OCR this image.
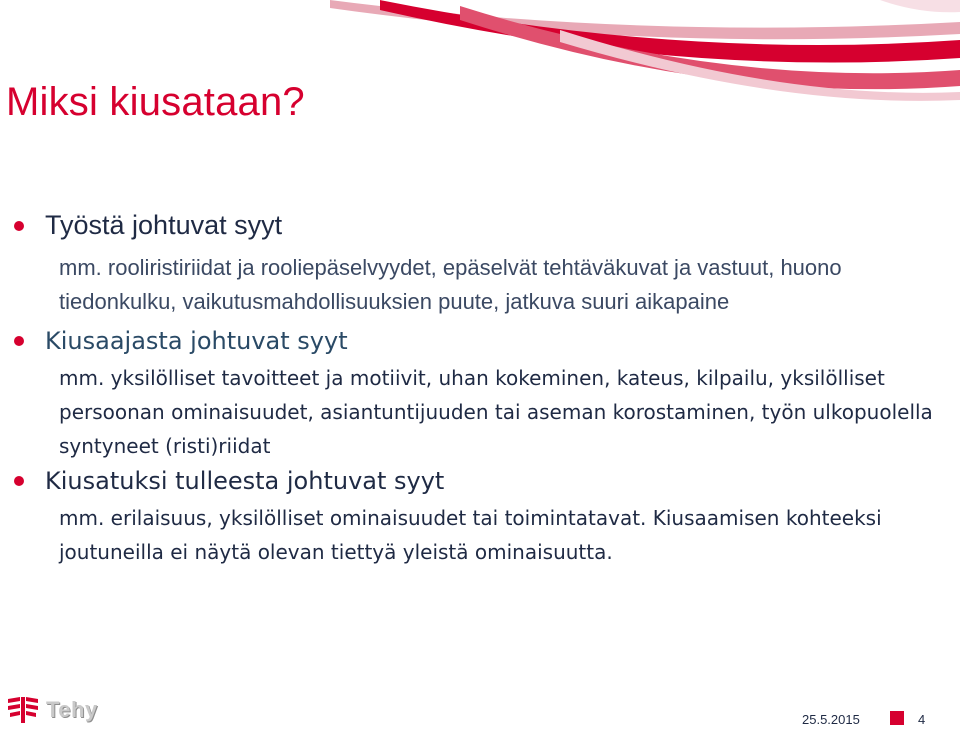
Miksi kiusataan?
Työstä johtuvat syyt
mm. rooliristiriidat ja rooliepäselvyydet, epäselvät tehtäväkuvat ja vastuut, huono tiedonkulku, vaikutusmahdollisuuksien puute, jatkuva suuri aikapaine
Kiusaajasta johtuvat syyt
mm. yksilölliset tavoitteet ja motiivit, uhan kokeminen, kateus, kilpailu, yksilölliset persoonan ominaisuudet, asiantuntijuuden tai aseman korostaminen, työn ulkopuolella syntyneet (risti)riidat
Kiusatuksi tulleesta johtuvat syyt
mm. erilaisuus, yksilölliset ominaisuudet tai toimintatavat. Kiusaamisen kohteeksi joutuneilla ei näytä olevan tiettyä yleistä ominaisuutta.
Tehy	25.5.2015	4
